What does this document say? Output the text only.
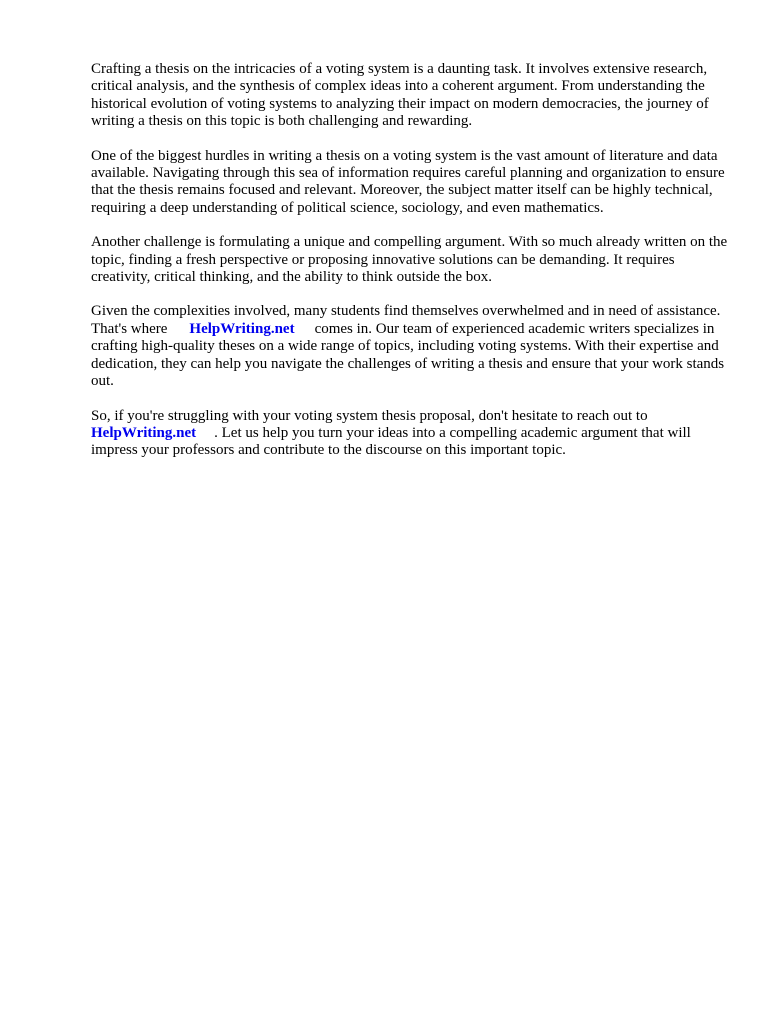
Crafting a thesis on the intricacies of a voting system is a daunting task. It involves extensive research, critical analysis, and the synthesis of complex ideas into a coherent argument. From understanding the historical evolution of voting systems to analyzing their impact on modern democracies, the journey of writing a thesis on this topic is both challenging and rewarding.

One of the biggest hurdles in writing a thesis on a voting system is the vast amount of literature and data available. Navigating through this sea of information requires careful planning and organization to ensure that the thesis remains focused and relevant. Moreover, the subject matter itself can be highly technical, requiring a deep understanding of political science, sociology, and even mathematics.

Another challenge is formulating a unique and compelling argument. With so much already written on the topic, finding a fresh perspective or proposing innovative solutions can be demanding. It requires creativity, critical thinking, and the ability to think outside the box.

Given the complexities involved, many students find themselves overwhelmed and in need of assistance. That's where HelpWriting.net comes in. Our team of experienced academic writers specializes in crafting high-quality theses on a wide range of topics, including voting systems. With their expertise and dedication, they can help you navigate the challenges of writing a thesis and ensure that your work stands out.

So, if you're struggling with your voting system thesis proposal, don't hesitate to reach out to HelpWriting.net . Let us help you turn your ideas into a compelling academic argument that will impress your professors and contribute to the discourse on this important topic.
